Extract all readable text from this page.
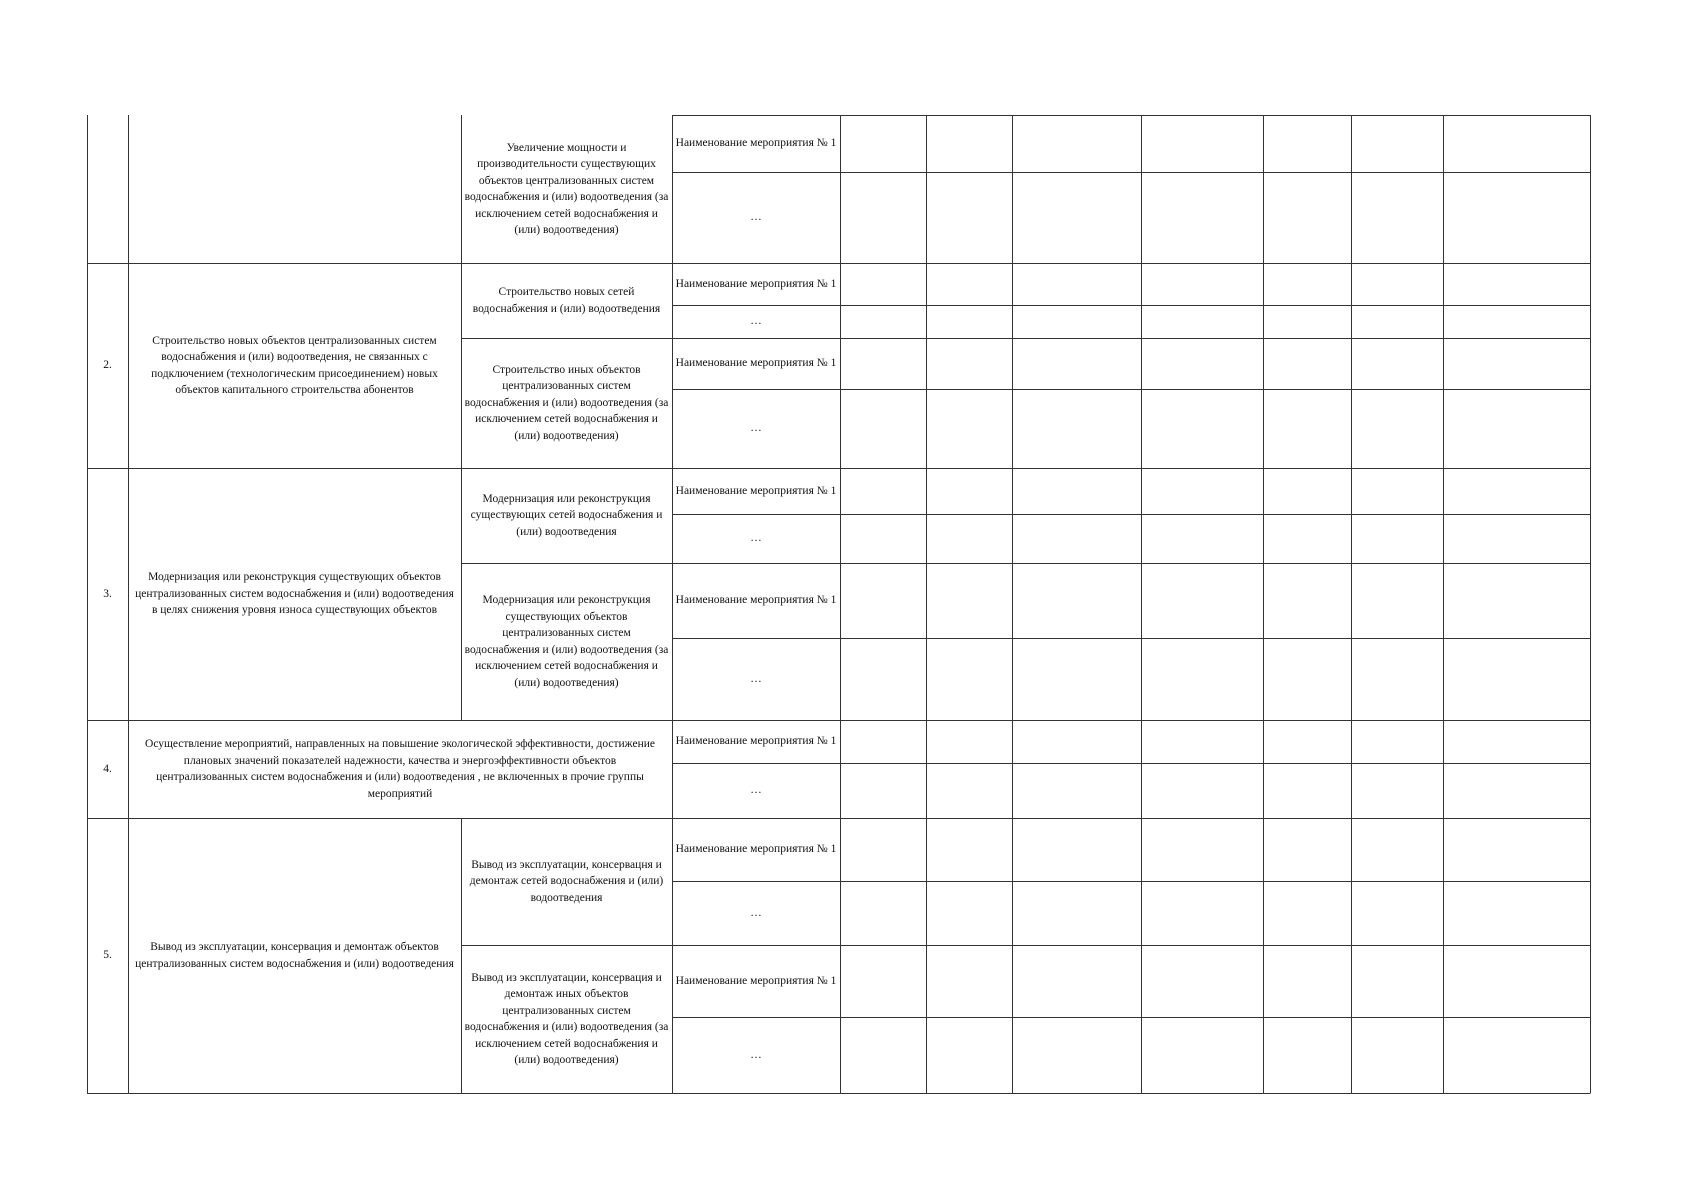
Увеличение мощности и производительности существующих объектов централизованных систем водоснабжения и (или) водоотведения (за исключением сетей водоснабжения и (или) водоотведения)
Наименование мероприятия № 1
…
2.
Строительство новых объектов централизованных систем водоснабжения и (или) водоотведения, не связанных с подключением (технологическим присоединением) новых объектов капитального строительства абонентов
Строительство новых сетей водоснабжения и (или) водоотведения
Наименование мероприятия № 1
…
Строительство иных объектов централизованных систем водоснабжения и (или) водоотведения (за исключением сетей водоснабжения и (или) водоотведения)
Наименование мероприятия № 1
…
3.
Модернизация или реконструкция существующих объектов централизованных систем водоснабжения и (или) водоотведения в целях снижения уровня износа существующих объектов
Модернизация или реконструкция существующих сетей водоснабжения и (или) водоотведения
Наименование мероприятия № 1
…
Модернизация или реконструкция существующих объектов централизованных систем водоснабжения и (или) водоотведения (за исключением сетей водоснабжения и (или) водоотведения)
Наименование мероприятия № 1
…
4.
Осуществление мероприятий, направленных на повышение экологической эффективности, достижение плановых значений показателей надежности, качества и энергоэффективности объектов централизованных систем водоснабжения и (или) водоотведения , не включенных в прочие группы мероприятий
Наименование мероприятия № 1
…
5.
Вывод из эксплуатации, консервация и демонтаж объектов централизованных систем водоснабжения и (или) водоотведения
Вывод из эксплуатации, консервацня и демонтаж сетей водоснабжения и (или) водоотведения
Наименование мероприятия № 1
…
Вывод из эксплуатации, консервация и демонтаж иных объектов централизованных систем водоснабжения и (или) водоотведения (за исключением сетей водоснабжения и (или) водоотведения)
Наименование мероприятия № 1
…
